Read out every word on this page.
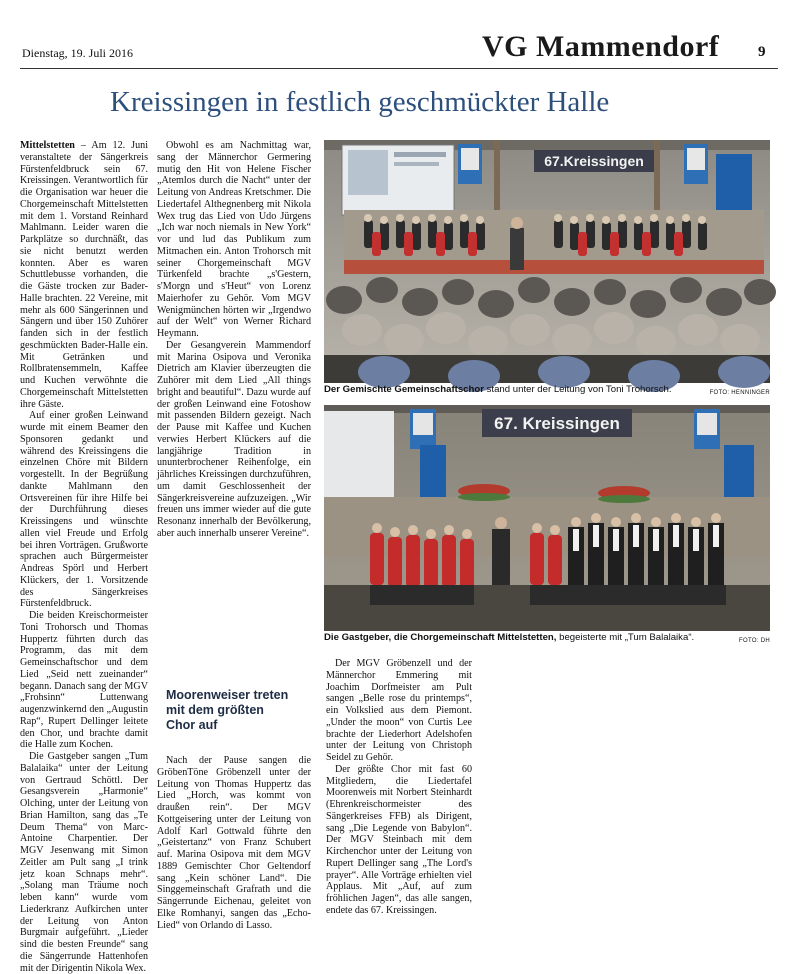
Dienstag, 19. Juli 2016	VG Mammendorf	9
Kreissingen in festlich geschmückter Halle

Mittelstetten – Am 12. Juni veranstaltete der Sängerkreis Fürstenfeldbruck sein 67. Kreissingen. Verantwortlich für die Organisation war heuer die Chorgemeinschaft Mittelstetten mit dem 1. Vorstand Reinhard Mahlmann. Leider waren die Parkplätze so durchnäßt, das sie nicht benutzt werden konnten. Aber es waren Schuttlebusse vorhanden, die die Gäste trocken zur Bader-Halle brachten. 22 Vereine, mit mehr als 600 Sängerinnen und Sängern und über 150 Zuhörer fanden sich in der festlich geschmückten Bader-Halle ein. Mit Getränken und Rollbratensemmeln, Kaffee und Kuchen verwöhnte die Chorgemeinschaft Mittelstetten ihre Gäste.

Auf einer großen Leinwand wurde mit einem Beamer den Sponsoren gedankt und während des Kreissingens die einzelnen Chöre mit Bildern vorgestellt. In der Begrüßung dankte Mahlmann den Ortsvereinen für ihre Hilfe bei der Durchführung dieses Kreissingens und wünschte allen viel Freude und Erfolg bei ihren Vorträgen. Grußworte sprachen auch Bürgermeister Andreas Spörl und Herbert Klückers, der 1. Vorsitzende des Sängerkreises Fürstenfeldbruck.

Die beiden Kreischormeister Toni Trohorsch und Thomas Huppertz führten durch das Programm, das mit dem Gemeinschaftschor und dem Lied „Seid nett zueinander“ begann. Danach sang der MGV „Frohsinn“ Luttenwang augenzwinkernd den „Augustin Rap“, Rupert Dellinger leitete den Chor, und brachte damit die Halle zum Kochen.

Die Gastgeber sangen „Tum Balalaika“ unter der Leitung von Gertraud Schöttl. Der Gesangsverein „Harmonie“ Olching, unter der Leitung von Brian Hamilton, sang das „Te Deum Thema“ von Marc-Antoine Charpentier. Der MGV Jesenwang mit Simon Zeitler am Pult sang „I trink jetz koan Schnaps mehr“. „Solang man Träume noch leben kann“ wurde vom Liederkranz Aufkirchen unter der Leitung von Anton Burgmair aufgeführt. „Lieder sind die besten Freunde“ sang die Sängerrunde Hattenhofen mit der Dirigentin Nikola Wex.

Obwohl es am Nachmittag war, sang der Männerchor Germering mutig den Hit von Helene Fischer „Atemlos durch die Nacht“ unter der Leitung von Andreas Kretschmer. Die Liedertafel Althegnenberg mit Nikola Wex trug das Lied von Udo Jürgens „Ich war noch niemals in New York“ vor und lud das Publikum zum Mitmachen ein. Anton Trohorsch mit seiner Chorgemeinschaft MGV Türkenfeld brachte „s'Gestern, s'Morgn und s'Heut“ von Lorenz Maierhofer zu Gehör. Vom MGV Wenigmünchen hörten wir „Irgendwo auf der Welt“ von Werner Richard Heymann.

Der Gesangverein Mammendorf mit Marina Osipova und Veronika Dietrich am Klavier überzeugten die Zuhörer mit dem Lied „All things bright and beautiful“. Dazu wurde auf der großen Leinwand eine Fotoshow mit passenden Bildern gezeigt. Nach der Pause mit Kaffee und Kuchen verwies Herbert Klückers auf die langjährige Tradition in ununterbrochener Reihenfolge, ein jährliches Kreissingen durchzuführen, um damit Geschlossenheit der Sängerkreisvereine aufzuzeigen. „Wir freuen uns immer wieder auf die gute Resonanz innerhalb der Bevölkerung, aber auch innerhalb unserer Vereine“.

Moorenweiser treten mit dem größten Chor auf

Nach der Pause sangen die GröbenTöne Gröbenzell unter der Leitung von Thomas Huppertz das Lied „Horch, was kommt von draußen rein“. Der MGV Kottgeisering unter der Leitung von Adolf Karl Gottwald führte den „Geistertanz“ von Franz Schubert auf. Marina Osipova mit dem MGV 1889 Gemischter Chor Geltendorf sang „Kein schöner Land“. Die Singgemeinschaft Grafrath und die Sängerrunde Eichenau, geleitet von Elke Romhanyi, sangen das „Echo-Lied“ von Orlando di Lasso.

Der MGV Gröbenzell und der Männerchor Emmering mit Joachim Dorfmeister am Pult sangen „Belle rose du printemps“, ein Volkslied aus dem Piemont. „Under the moon“ von Curtis Lee brachte der Liederhort Adelshofen unter der Leitung von Christoph Seidel zu Gehör.

Der größte Chor mit fast 60 Mitgliedern, die Liedertafel Moorenweis mit Norbert Steinhardt (Ehrenkreischormeister des Sängerkreises FFB) als Dirigent, sang „Die Legende von Babylon“. Der MGV Steinbach mit dem Kirchenchor unter der Leitung von Rupert Dellinger sang „The Lord's prayer“. Alle Vorträge erhielten viel Applaus. Mit „Auf, auf zum fröhlichen Jagen“, das alle sangen, endete das 67. Kreissingen.

67.Kreissingen
Der Gemischte Gemeinschaftschor stand unter der Leitung von Toni Trohorsch.	FOTO: HENNINGER
67. Kreissingen
Die Gastgeber, die Chorgemeinschaft Mittelstetten, begeisterte mit „Tum Balalaika“.	FOTO: DH
